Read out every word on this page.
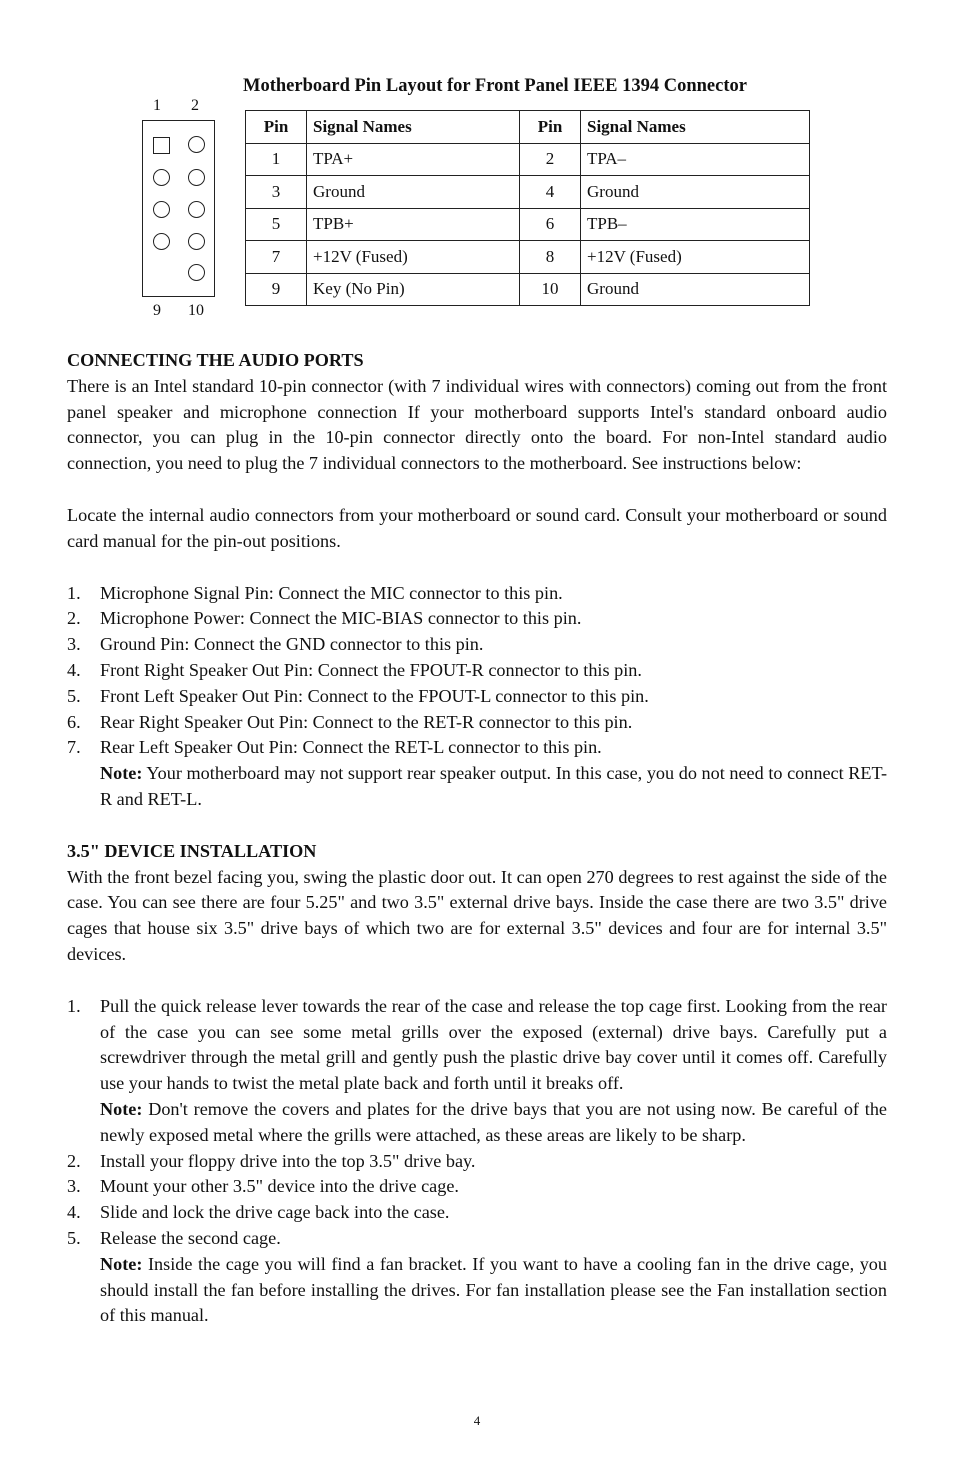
1 2
9 10
Motherboard Pin Layout for Front Panel IEEE 1394 Connector
Pin	Signal Names	Pin	Signal Names
1	TPA+	2	TPA–
3	Ground	4	Ground
5	TPB+	6	TPB–
7	+12V (Fused)	8	+12V (Fused)
9	Key (No Pin)	10	Ground
CONNECTING THE AUDIO PORTS

There is an Intel standard 10-pin connector (with 7 individual wires with connectors) coming out from the front panel speaker and microphone connection If your motherboard supports Intel's standard onboard audio connector, you can plug in the 10-pin connector directly onto the board. For non-Intel standard audio connection, you need to plug the 7 individual connectors to the motherboard. See instructions below:

Locate the internal audio connectors from your motherboard or sound card. Consult your motherboard or sound card manual for the pin-out positions.

1. Microphone Signal Pin: Connect the MIC connector to this pin.
2. Microphone Power: Connect the MIC-BIAS connector to this pin.
3. Ground Pin: Connect the GND connector to this pin.
4. Front Right Speaker Out Pin: Connect the FPOUT-R connector to this pin.
5. Front Left Speaker Out Pin: Connect to the FPOUT-L connector to this pin.
6. Rear Right Speaker Out Pin: Connect to the RET-R connector to this pin.
7. Rear Left Speaker Out Pin: Connect the RET-L connector to this pin.

Note: Your motherboard may not support rear speaker output. In this case, you do not need to connect RET-R and RET-L.

3.5" DEVICE INSTALLATION

With the front bezel facing you, swing the plastic door out. It can open 270 degrees to rest against the side of the case. You can see there are four 5.25" and two 3.5" external drive bays. Inside the case there are two 3.5" drive cages that house six 3.5" drive bays of which two are for external 3.5" devices and four are for internal 3.5" devices.

1. Pull the quick release lever towards the rear of the case and release the top cage first. Looking from the rear of the case you can see some metal grills over the exposed (external) drive bays. Carefully put a screwdriver through the metal grill and gently push the plastic drive bay cover until it comes off. Carefully use your hands to twist the metal plate back and forth until it breaks off.

Note: Don't remove the covers and plates for the drive bays that you are not using now. Be careful of the newly exposed metal where the grills were attached, as these areas are likely to be sharp.

2. Install your floppy drive into the top 3.5" drive bay.
3. Mount your other 3.5" device into the drive cage.
4. Slide and lock the drive cage back into the case.
5. Release the second cage.

Note: Inside the cage you will find a fan bracket. If you want to have a cooling fan in the drive cage, you should install the fan before installing the drives. For fan installation please see the Fan installation section of this manual.

4
